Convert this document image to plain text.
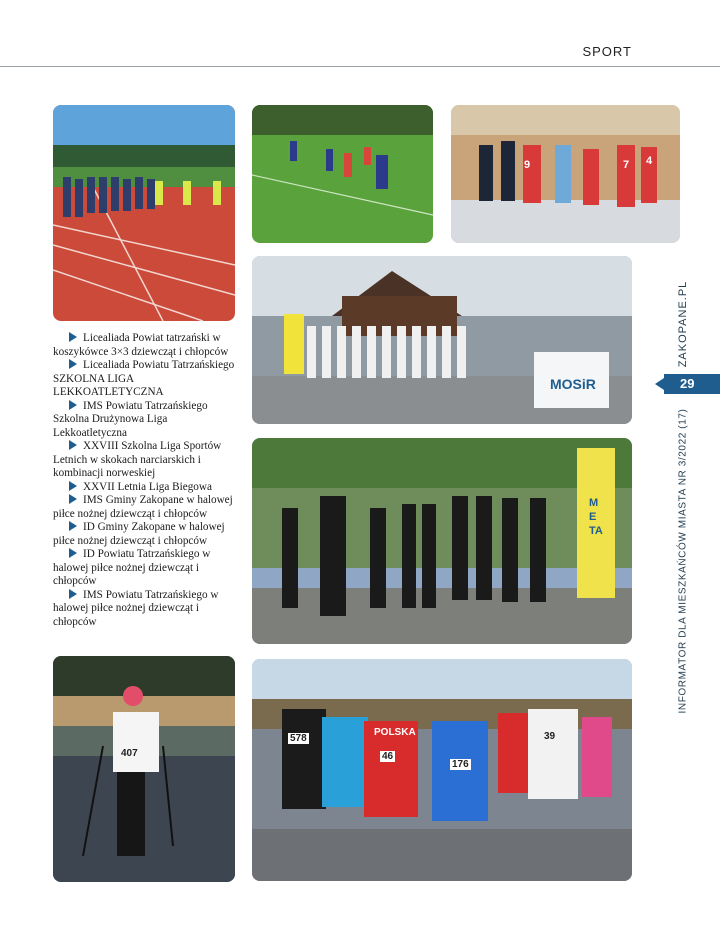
SPORT
9	7 4
Licealiada Powiat tatrzański w koszykówce 3×3 dziewcząt i chłopców
Licealiada Powiatu Tatrzańskiego SZKOLNA LIGA LEKKOATLETYCZNA
IMS Powiatu Tatrzańskiego Szkolna Drużynowa Liga Lekkoatletyczna
XXVIII Szkolna Liga Sportów Letnich w skokach narciarskich i kombinacji norweskiej
XXVII Letnia Liga Biegowa
IMS Gminy Zakopane w halowej piłce nożnej dziewcząt i chłopców
ID Gminy Zakopane w halowej piłce nożnej dziewcząt i chłopców
ID Powiatu Tatrzańskiego w halowej piłce nożnej dziewcząt i chłopców
IMS Powiatu Tatrzańskiego w halowej piłce nożnej dziewcząt i chłopców
MOSiR
META
407
578
POLSKA
46
176
39
ZAKOPANE.PL
29
INFORMATOR DLA MIESZKAŃCÓW MIASTA NR 3/2022 (17)
